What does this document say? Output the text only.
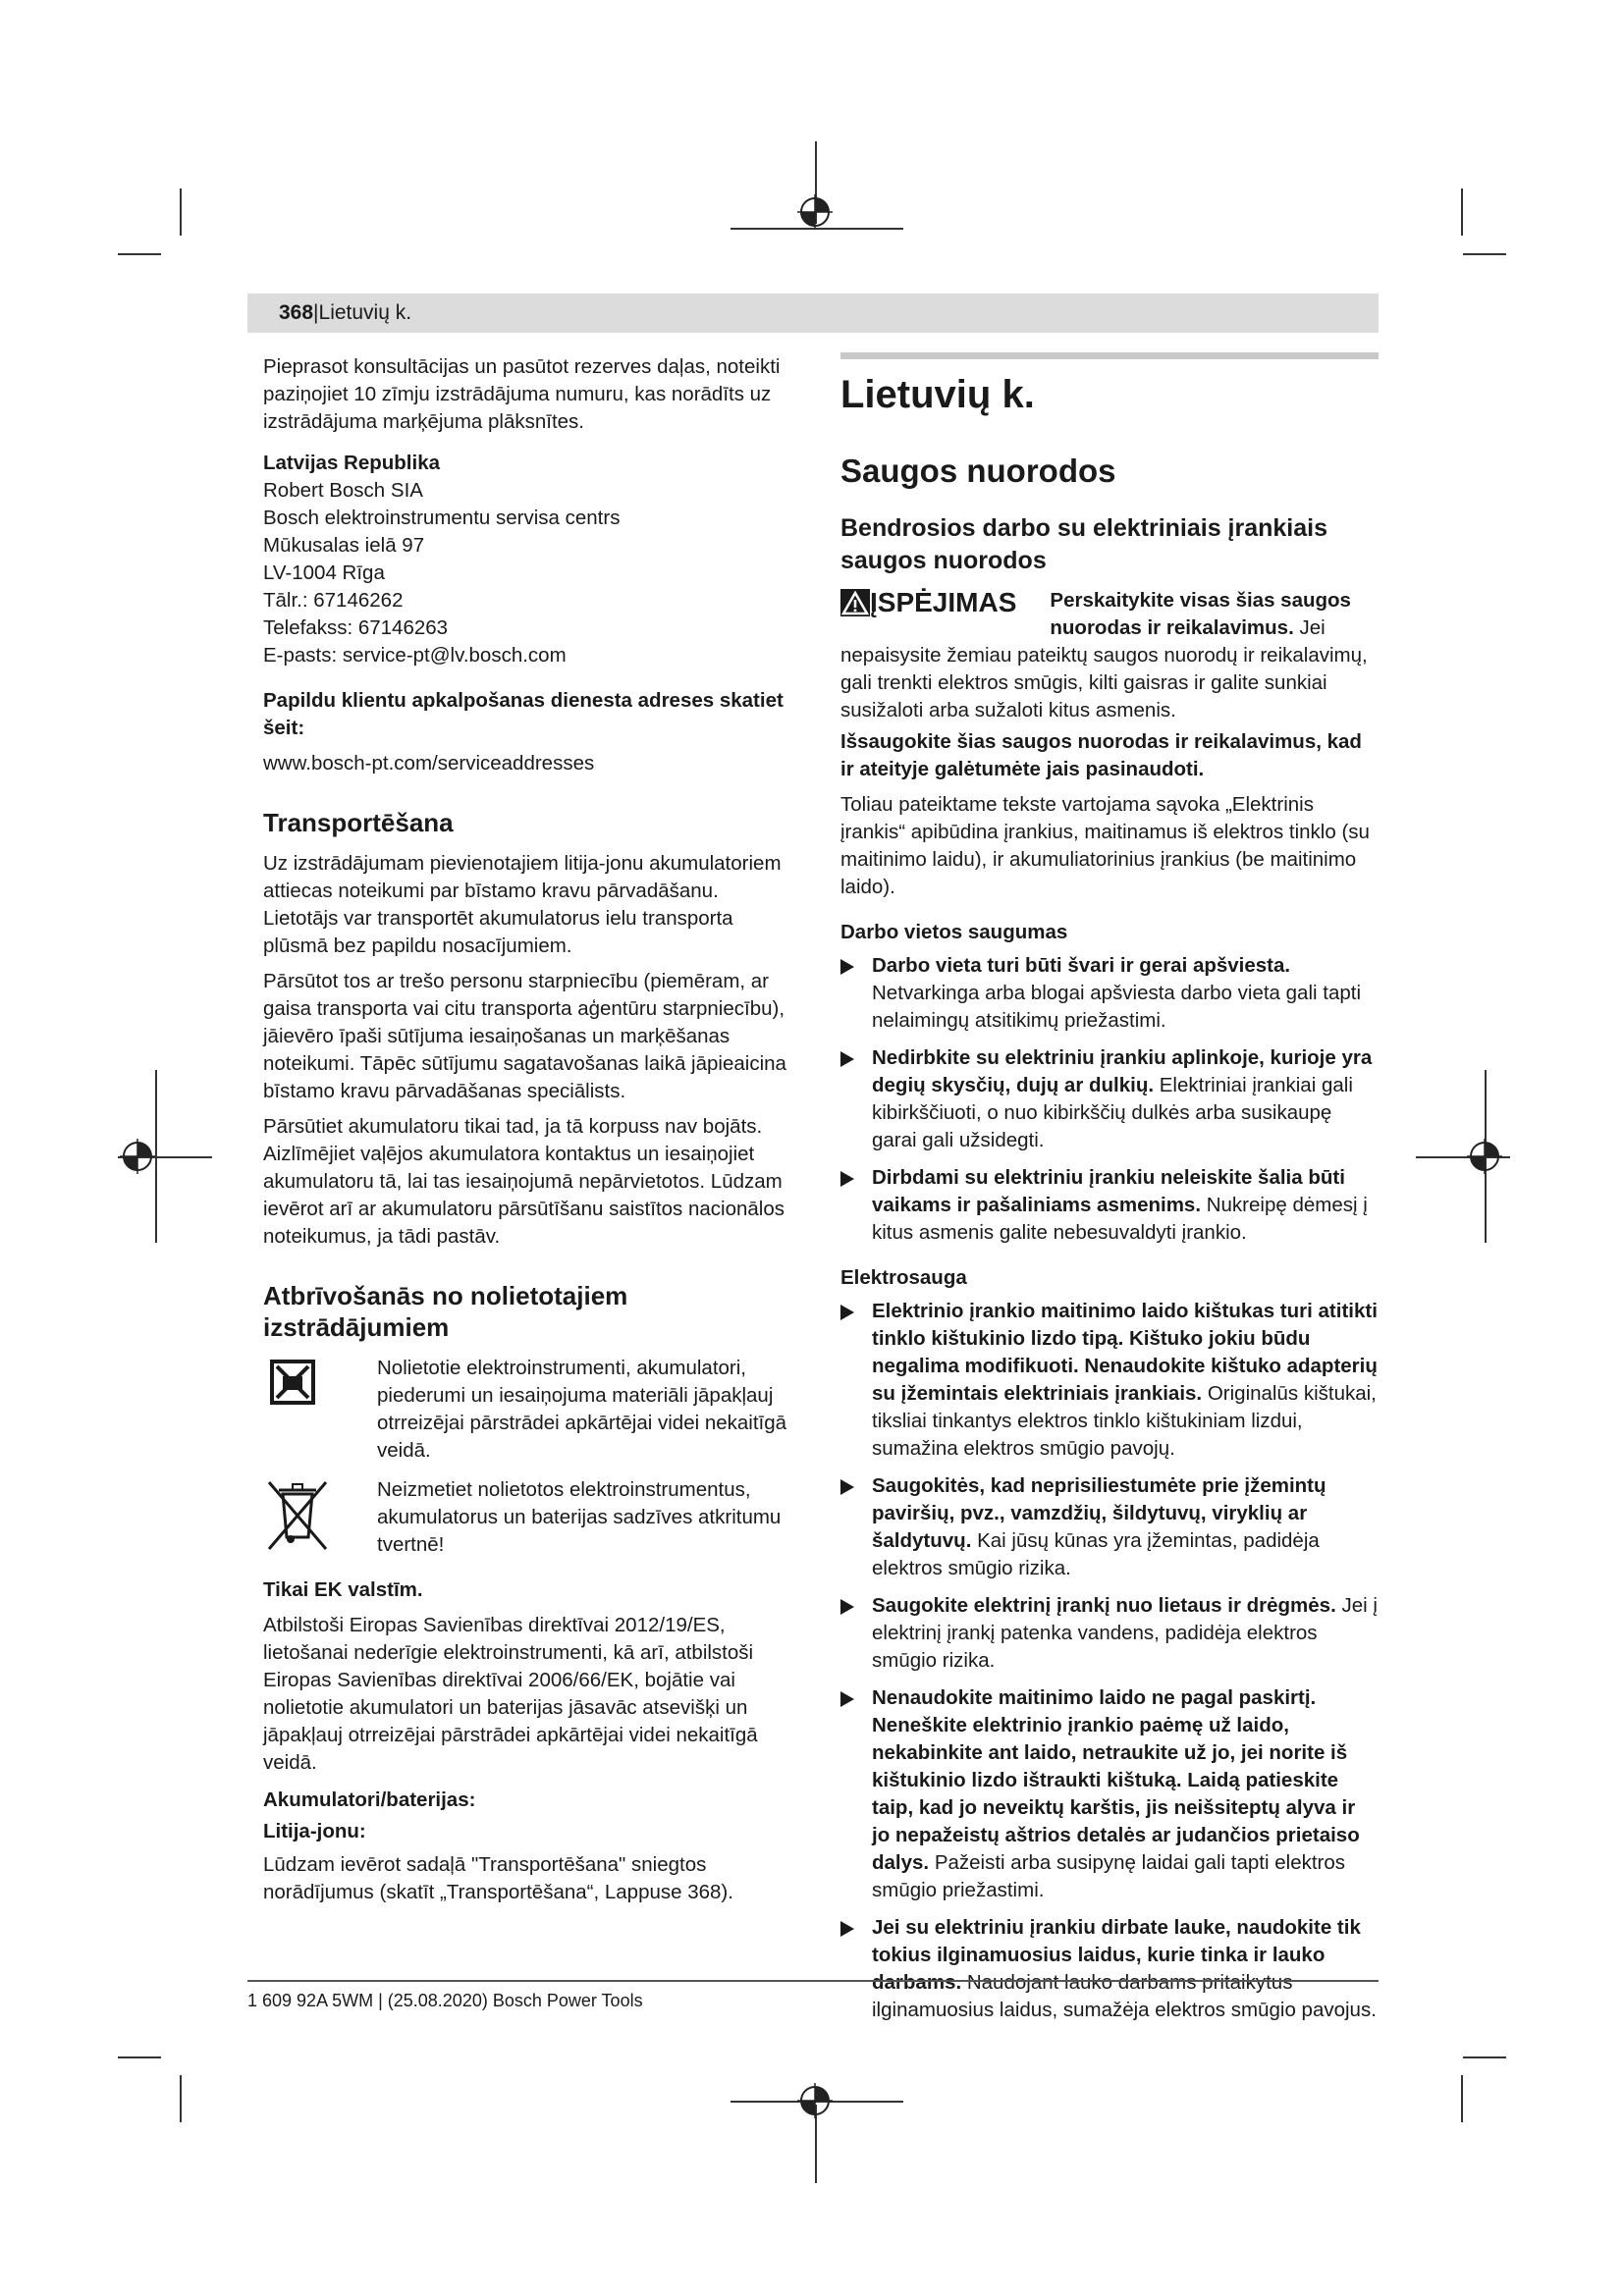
368|Lietuvių k.

Pieprasot konsultācijas un pasūtot rezerves daļas, noteikti paziņojiet 10 zīmju izstrādājuma numuru, kas norādīts uz izstrādājuma marķējuma plāksnītes.

Latvijas Republika

Robert Bosch SIA
Bosch elektroinstrumentu servisa centrs
Mūkusalas ielā 97
LV-1004 Rīga
Tālr.: 67146262
Telefakss: 67146263
E-pasts: service-pt@lv.bosch.com

Papildu klientu apkalpošanas dienesta adreses skatiet šeit:

www.bosch-pt.com/serviceaddresses

Transportēšana

Uz izstrādājumam pievienotajiem litija-jonu akumulatoriem attiecas noteikumi par bīstamo kravu pārvadāšanu. Lietotājs var transportēt akumulatorus ielu transporta plūsmā bez papildu nosacījumiem.

Pārsūtot tos ar trešo personu starpniecību (piemēram, ar gaisa transporta vai citu transporta aģentūru starpniecību), jāievēro īpaši sūtījuma iesaiņošanas un marķēšanas noteikumi. Tāpēc sūtījumu sagatavošanas laikā jāpieaicina bīstamo kravu pārvadāšanas speciālists.

Pārsūtiet akumulatoru tikai tad, ja tā korpuss nav bojāts. Aizlīmējiet vaļējos akumulatora kontaktus un iesaiņojiet akumulatoru tā, lai tas iesaiņojumā nepārvietotos. Lūdzam ievērot arī ar akumulatoru pārsūtīšanu saistītos nacionālos noteikumus, ja tādi pastāv.

Atbrīvošanās no nolietotajiem izstrādājumiem
Nolietotie elektroinstrumenti, akumulatori, piederumi un iesaiņojuma materiāli jāpakļauj otrreizējai pārstrādei apkārtējai videi nekaitīgā veidā.
Neizmetiet nolietotos elektroinstrumentus, akumulatorus un baterijas sadzīves atkritumu tvertnē!

Tikai EK valstīm.

Atbilstoši Eiropas Savienības direktīvai 2012/19/ES, lietošanai nederīgie elektroinstrumenti, kā arī, atbilstoši Eiropas Savienības direktīvai 2006/66/EK, bojātie vai nolietotie akumulatori un baterijas jāsavāc atsevišķi un jāpakļauj otrreizējai pārstrādei apkārtējai videi nekaitīgā veidā.

Akumulatori/baterijas:

Litija-jonu:

Lūdzam ievērot sadaļā "Transportēšana" sniegtos norādījumus (skatīt „Transportēšana“, Lappuse 368).

Lietuvių k.
Saugos nuorodos
Bendrosios darbo su elektriniais įrankiais saugos nuorodos
ĮSPĖJIMAS Perskaitykite visas šias saugos nuorodas ir reikalavimus. Jei nepaisysite žemiau pateiktų saugos nuorodų ir reikalavimų, gali trenkti elektros smūgis, kilti gaisras ir galite sunkiai susižaloti arba sužaloti kitus asmenis.

Išsaugokite šias saugos nuorodas ir reikalavimus, kad ir ateityje galėtumėte jais pasinaudoti.

Toliau pateiktame tekste vartojama sąvoka „Elektrinis įrankis“ apibūdina įrankius, maitinamus iš elektros tinklo (su maitinimo laidu), ir akumuliatorinius įrankius (be maitinimo laido).

Darbo vietos saugumas
Darbo vieta turi būti švari ir gerai apšviesta. Netvarkinga arba blogai apšviesta darbo vieta gali tapti nelaimingų atsitikimų priežastimi.
Nedirbkite su elektriniu įrankiu aplinkoje, kurioje yra degių skysčių, dujų ar dulkių. Elektriniai įrankiai gali kibirkščiuoti, o nuo kibirkščių dulkės arba susikaupę garai gali užsidegti.
Dirbdami su elektriniu įrankiu neleiskite šalia būti vaikams ir pašaliniams asmenims. Nukreipę dėmesį į kitus asmenis galite nebesuvaldyti įrankio.
Elektrosauga
Elektrinio įrankio maitinimo laido kištukas turi atitikti tinklo kištukinio lizdo tipą. Kištuko jokiu būdu negalima modifikuoti. Nenaudokite kištuko adapterių su įžemintais elektriniais įrankiais. Originalūs kištukai, tiksliai tinkantys elektros tinklo kištukiniam lizdui, sumažina elektros smūgio pavojų.
Saugokitės, kad neprisiliestumėte prie įžemintų paviršių, pvz., vamzdžių, šildytuvų, viryklių ar šaldytuvų. Kai jūsų kūnas yra įžemintas, padidėja elektros smūgio rizika.
Saugokite elektrinį įrankį nuo lietaus ir drėgmės. Jei į elektrinį įrankį patenka vandens, padidėja elektros smūgio rizika.
Nenaudokite maitinimo laido ne pagal paskirtį. Neneškite elektrinio įrankio paėmę už laido, nekabinkite ant laido, netraukite už jo, jei norite iš kištukinio lizdo ištraukti kištuką. Laidą patieskite taip, kad jo neveiktų karštis, jis neišsiteptų alyva ir jo nepažeistų aštrios detalės ar judančios prietaiso dalys. Pažeisti arba susipynę laidai gali tapti elektros smūgio priežastimi.
Jei su elektriniu įrankiu dirbate lauke, naudokite tik tokius ilginamuosius laidus, kurie tinka ir lauko darbams. Naudojant lauko darbams pritaikytus ilginamuosius laidus, sumažėja elektros smūgio pavojus.
1 609 92A 5WM | (25.08.2020) Bosch Power Tools
